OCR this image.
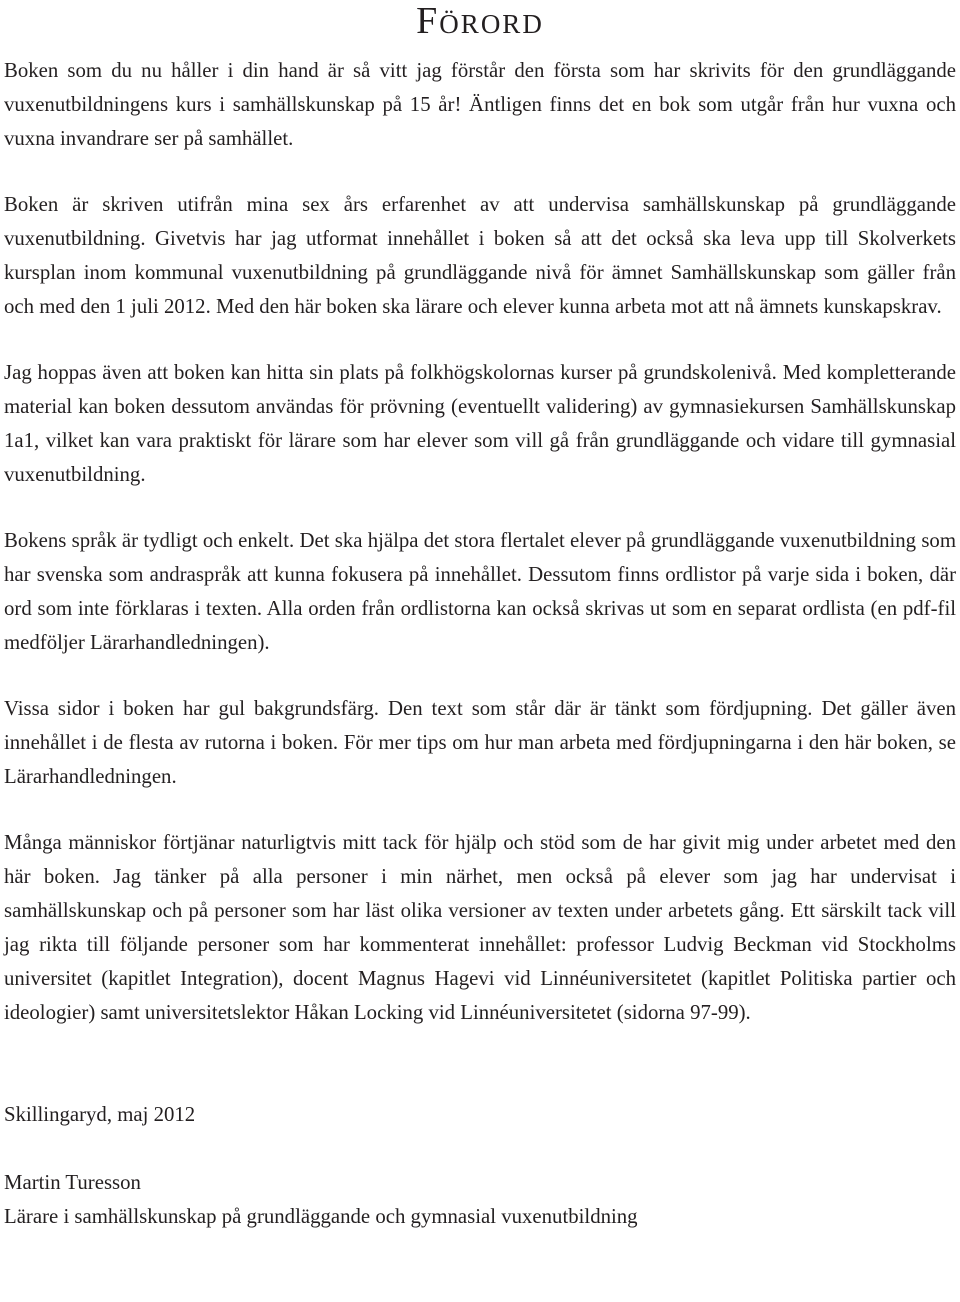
Förord

Boken som du nu håller i din hand är så vitt jag förstår den första som har skrivits för den grundläggande vuxenutbildningens kurs i samhällskunskap på 15 år! Äntligen finns det en bok som utgår från hur vuxna och vuxna invandrare ser på samhället.

Boken är skriven utifrån mina sex års erfarenhet av att undervisa samhällskunskap på grundläggande vuxenutbildning. Givetvis har jag utformat innehållet i boken så att det också ska leva upp till Skolverkets kursplan inom kommunal vuxenutbildning på grundläggande nivå för ämnet Samhällskunskap som gäller från och med den 1 juli 2012. Med den här boken ska lärare och elever kunna arbeta mot att nå ämnets kunskapskrav.

Jag hoppas även att boken kan hitta sin plats på folkhögskolornas kurser på grundskolenivå. Med kompletterande material kan boken dessutom användas för prövning (eventuellt validering) av gymnasiekursen Samhällskunskap 1a1, vilket kan vara praktiskt för lärare som har elever som vill gå från grundläggande och vidare till gymnasial vuxenutbildning.

Bokens språk är tydligt och enkelt. Det ska hjälpa det stora flertalet elever på grundläggande vuxenutbildning som har svenska som andraspråk att kunna fokusera på innehållet. Dessutom finns ordlistor på varje sida i boken, där ord som inte förklaras i texten. Alla orden från ordlistorna kan också skrivas ut som en separat ordlista (en pdf-fil medföljer Lärarhandledningen).

Vissa sidor i boken har gul bakgrundsfärg. Den text som står där är tänkt som fördjupning. Det gäller även innehållet i de flesta av rutorna i boken. För mer tips om hur man arbeta med fördjupningarna i den här boken, se Lärarhandledningen.

Många människor förtjänar naturligtvis mitt tack för hjälp och stöd som de har givit mig under arbetet med den här boken. Jag tänker på alla personer i min närhet, men också på elever som jag har undervisat i samhällskunskap och på personer som har läst olika versioner av texten under arbetets gång. Ett särskilt tack vill jag rikta till följande personer som har kommenterat innehållet: professor Ludvig Beckman vid Stockholms universitet (kapitlet Integration), docent Magnus Hagevi vid Linnéuniversitetet (kapitlet Politiska partier och ideologier) samt universitetslektor Håkan Locking vid Linnéuniversitetet (sidorna 97-99).

Skillingaryd, maj 2012
Martin Turesson
Lärare i samhällskunskap på grundläggande och gymnasial vuxenutbildning
